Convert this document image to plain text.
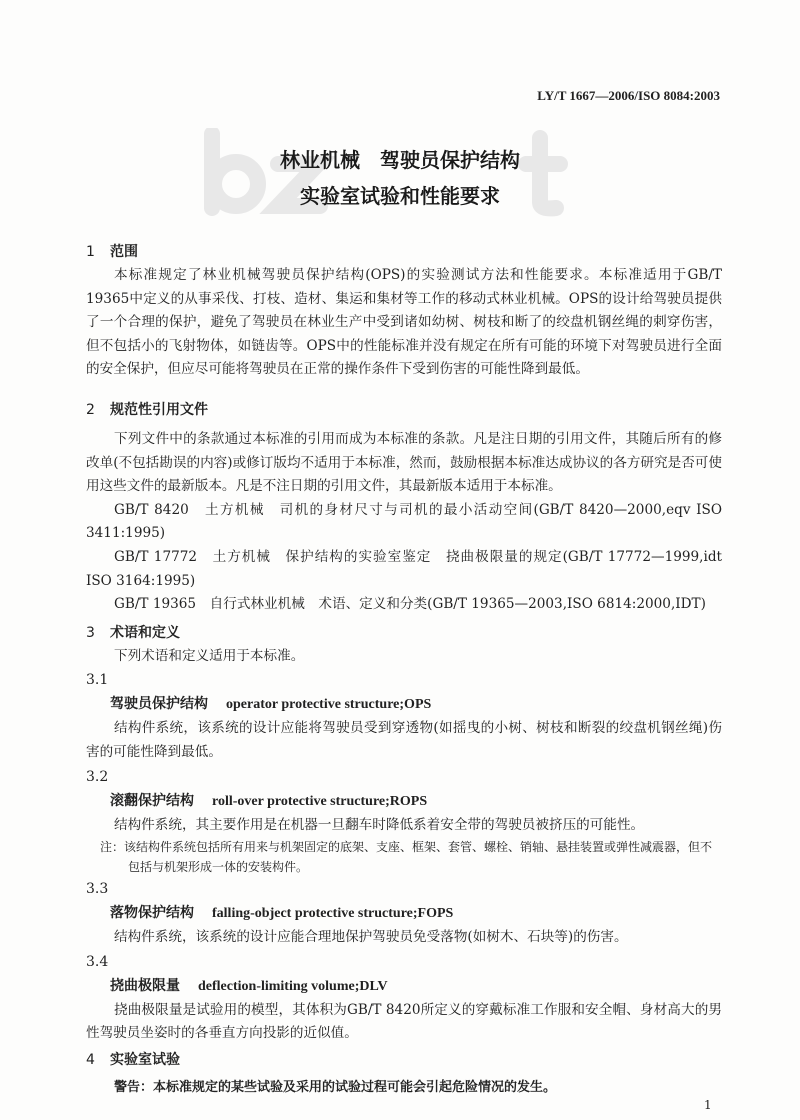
LY/T 1667—2006/ISO 8084:2003
林业机械　驾驶员保护结构
实验室试验和性能要求
1 范围
本标准规定了林业机械驾驶员保护结构(OPS)的实验测试方法和性能要求。本标准适用于GB/T 19365中定义的从事采伐、打枝、造材、集运和集材等工作的移动式林业机械。OPS的设计给驾驶员提供了一个合理的保护，避免了驾驶员在林业生产中受到诸如幼树、树枝和断了的绞盘机钢丝绳的刺穿伤害，但不包括小的飞射物体，如链齿等。OPS中的性能标准并没有规定在所有可能的环境下对驾驶员进行全面的安全保护，但应尽可能将驾驶员在正常的操作条件下受到伤害的可能性降到最低。
2 规范性引用文件
下列文件中的条款通过本标准的引用而成为本标准的条款。凡是注日期的引用文件，其随后所有的修改单(不包括勘误的内容)或修订版均不适用于本标准，然而，鼓励根据本标准达成协议的各方研究是否可使用这些文件的最新版本。凡是不注日期的引用文件，其最新版本适用于本标准。
GB/T 8420　土方机械　司机的身材尺寸与司机的最小活动空间(GB/T 8420—2000,eqv ISO 3411:1995)
GB/T 17772　土方机械　保护结构的实验室鉴定　挠曲极限量的规定(GB/T 17772—1999,idt ISO 3164:1995)
GB/T 19365　自行式林业机械　术语、定义和分类(GB/T 19365—2003,ISO 6814:2000,IDT)
3 术语和定义
下列术语和定义适用于本标准。
3.1
驾驶员保护结构 operator protective structure;OPS
结构件系统，该系统的设计应能将驾驶员受到穿透物(如摇曳的小树、树枝和断裂的绞盘机钢丝绳)伤害的可能性降到最低。
3.2
滚翻保护结构 roll-over protective structure;ROPS
结构件系统，其主要作用是在机器一旦翻车时降低系着安全带的驾驶员被挤压的可能性。
注：该结构件系统包括所有用来与机架固定的底架、支座、框架、套管、螺栓、销轴、悬挂装置或弹性减震器，但不包括与机架形成一体的安装构件。
3.3
落物保护结构 falling-object protective structure;FOPS
结构件系统，该系统的设计应能合理地保护驾驶员免受落物(如树木、石块等)的伤害。
3.4
挠曲极限量 deflection-limiting volume;DLV
挠曲极限量是试验用的模型，其体积为GB/T 8420所定义的穿戴标准工作服和安全帽、身材高大的男性驾驶员坐姿时的各垂直方向投影的近似值。
4 实验室试验
警告：本标准规定的某些试验及采用的试验过程可能会引起危险情况的发生。
1
